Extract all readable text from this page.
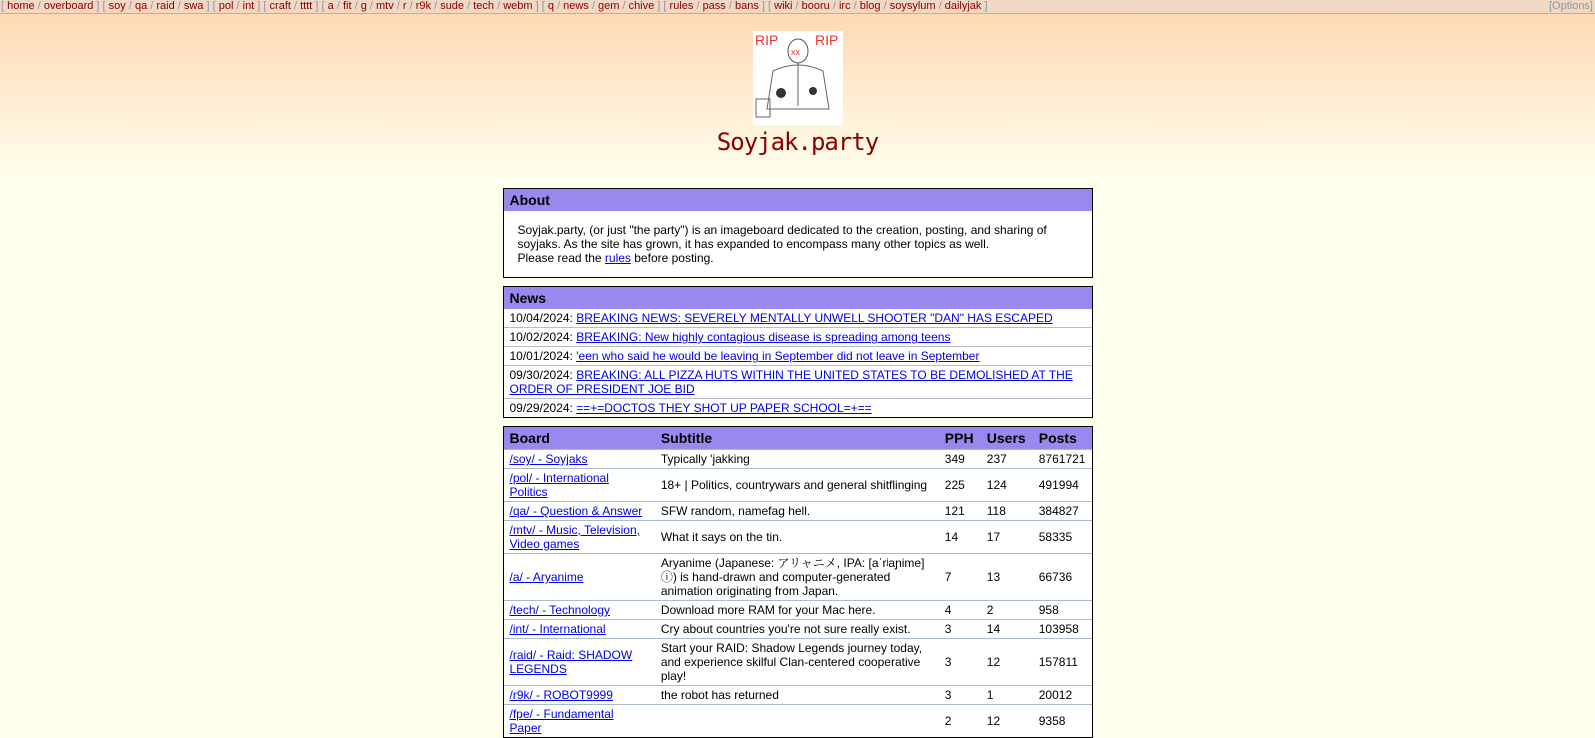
[ home / overboard ] [ soy / qa / raid / swa ] [ pol / int ] [ craft / tttt ] [ a / fit / g / mtv / r / r9k / sude / tech / webm ] [ q / news / gem / chive ] [ rules / pass / bans ] [ wiki / booru / irc / blog / soysylum / dailyjak ]	[Options]
RIP	RIP
xx
Soyjak.party
About

Soyjak.party, (or just "the party") is an imageboard dedicated to the creation, posting, and sharing of soyjaks. As the site has grown, it has expanded to encompass many other topics as well.
Please read the rules before posting.

News
10/04/2024: BREAKING NEWS: SEVERELY MENTALLY UNWELL SHOOTER "DAN" HAS ESCAPED
10/02/2024: BREAKING: New highly contagious disease is spreading among teens
10/01/2024: 'een who said he would be leaving in September did not leave in September
09/30/2024: BREAKING: ALL PIZZA HUTS WITHIN THE UNITED STATES TO BE DEMOLISHED AT THE ORDER OF PRESIDENT JOE BID
09/29/2024: ==+=DOCTOS THEY SHOT UP PAPER SCHOOL=+==
Board	Subtitle	PPH	Users	Posts
/soy/ - Soyjaks	Typically 'jakking	349	237	8761721
/pol/ - International Politics	18+ | Politics, countrywars and general shitflinging	225	124	491994
/qa/ - Question & Answer	SFW random, namefag hell.	121	118	384827
/mtv/ - Music, Television, Video games	What it says on the tin.	14	17	58335
/a/ - Aryanime	Aryanime (Japanese: アリャニメ, IPA: [aˈrʲaɲime] ⓘ) is hand-drawn and computer-generated animation originating from Japan.	7	13	66736
/tech/ - Technology	Download more RAM for your Mac here.	4	2	958
/int/ - International	Cry about countries you're not sure really exist.	3	14	103958
/raid/ - Raid: SHADOW LEGENDS	Start your RAID: Shadow Legends journey today, and experience skilful Clan-centered cooperative play!	3	12	157811
/r9k/ - ROBOT9999	the robot has returned	3	1	20012
/fpe/ - Fundamental Paper		2	12	9358
